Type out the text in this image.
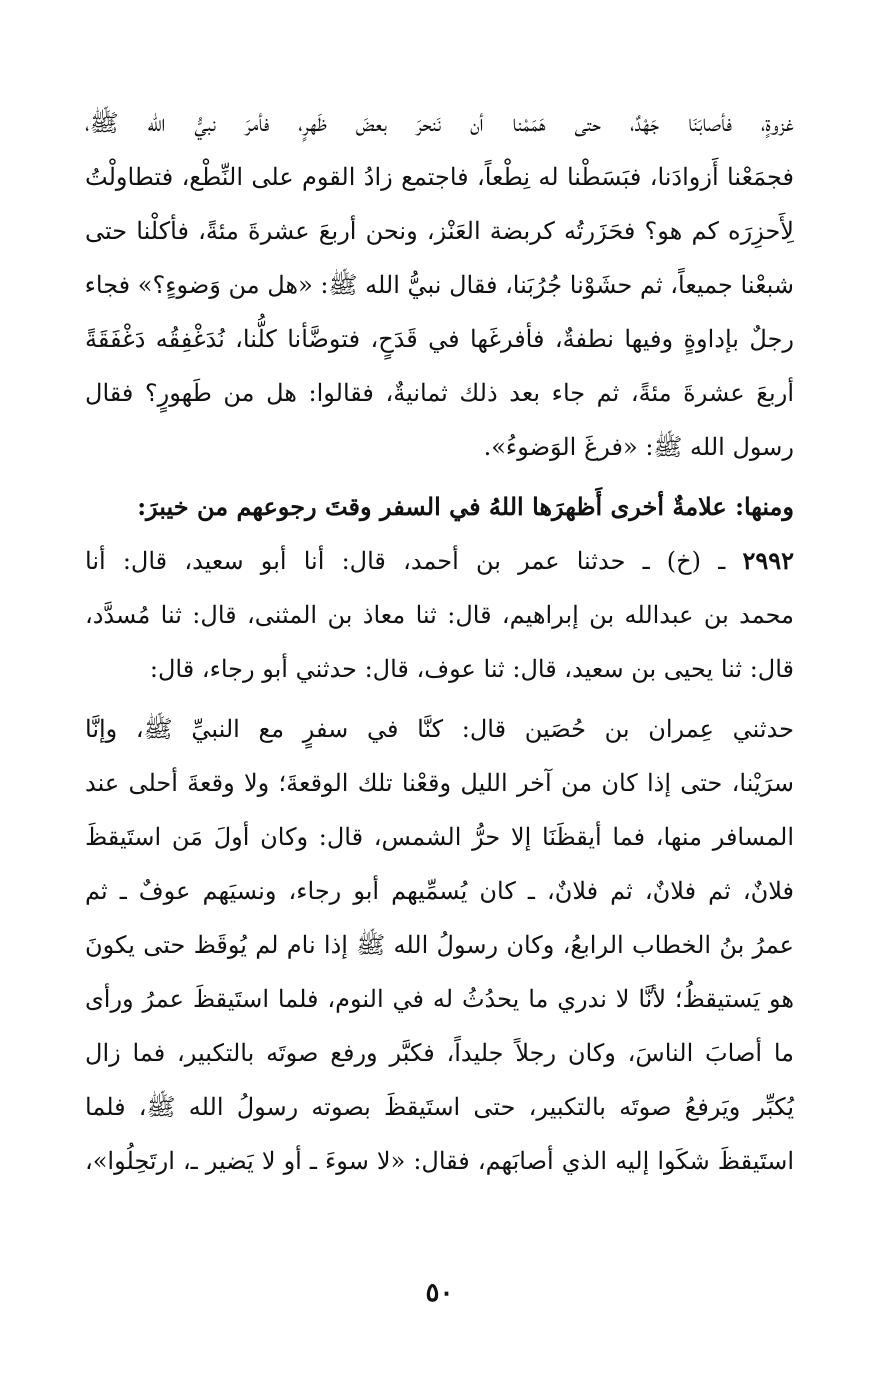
غزوةٍ، فأصابَنَا جَهْدٌ، حتى هَمَمْنا أن نَنحرَ بعضَ ظَهرٍ، فأمرَ نبيُّ الله ﷺ،
فجمَعْنا أَزوادَنا، فبَسَطْنا له نِطْعاً، فاجتمع زادُ القوم على النِّطْع، فتطاولْتُ
لِأَحزِرَه كم هو؟ فحَزَرتُه كربضة العَنْز، ونحن أربعَ عشرةَ مئةً، فأكلْنا حتى
شبعْنا جميعاً، ثم حشَوْنا جُرُبَنا، فقال نبيُّ الله ﷺ: «هل من وَضوءٍ؟» فجاء
رجلٌ بإداوةٍ وفيها نطفةٌ، فأفرغَها في قَدَحٍ، فتوضَّأنا كلُّنا، نُدَغْفِقُه دَغْفَقَةً
أربعَ عشرةَ مئةً، ثم جاء بعد ذلك ثمانيةٌ، فقالوا: هل من طَهورٍ؟ فقال
رسول الله ﷺ: «فرغَ الوَضوءُ».
ومنها: علامةٌ أخرى أَظهرَها اللهُ في السفر وقتَ رجوعهم من خيبرَ:
٢٩٩٢ ـ (خ) ـ حدثنا عمر بن أحمد، قال: أنا أبو سعيد، قال: أنا
محمد بن عبدالله بن إبراهيم، قال: ثنا معاذ بن المثنى، قال: ثنا مُسدَّد،
قال: ثنا يحيى بن سعيد، قال: ثنا عوف، قال: حدثني أبو رجاء، قال:
حدثني عِمران بن حُصَين قال: كنَّا في سفرٍ مع النبيِّ ﷺ، وإنَّا
سرَيْنا، حتى إذا كان من آخر الليل وقعْنا تلك الوقعةَ؛ ولا وقعةَ أحلى عند
المسافر منها، فما أيقظَنَا إلا حرُّ الشمس، قال: وكان أولَ مَن استَيقظَ
فلانٌ، ثم فلانٌ، ثم فلانٌ، ـ كان يُسمِّيهم أبو رجاء، ونسيَهم عوفٌ ـ ثم
عمرُ بنُ الخطاب الرابعُ، وكان رسولُ الله ﷺ إذا نام لم يُوقَظ حتى يكونَ
هو يَستيقظُ؛ لأنَّا لا ندري ما يحدُثُ له في النوم، فلما استَيقظَ عمرُ ورأى
ما أصابَ الناسَ، وكان رجلاً جليداً، فكبَّر ورفع صوتَه بالتكبير، فما زال
يُكبِّر ويَرفعُ صوتَه بالتكبير، حتى استَيقظَ بصوته رسولُ الله ﷺ، فلما
استَيقظَ شكَوا إليه الذي أصابَهم، فقال: «لا سوءَ ـ أو لا يَضير ـ، ارتَحِلُوا»،
٥٠
